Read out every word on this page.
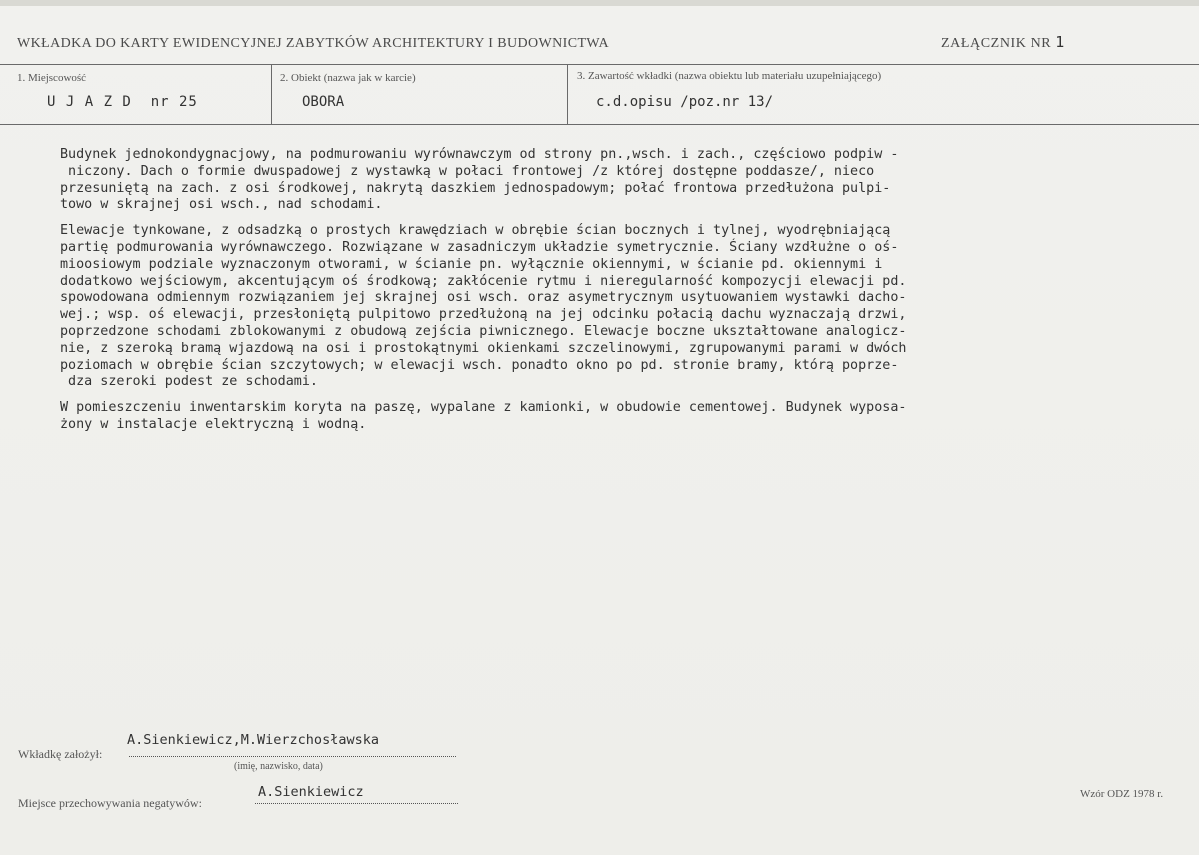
WKŁADKA DO KARTY EWIDENCYJNEJ ZABYTKÓW ARCHITEKTURY I BUDOWNICTWA	ZAŁĄCZNIK NR 1
1. Miejscowość
U J A Z D  nr 25
2. Obiekt (nazwa jak w karcie)
OBORA
3. Zawartość wkładki (nazwa obiektu lub materiału uzupełniającego)
c.d.opisu /poz.nr 13/

Budynek jednokondygnacjowy, na podmurowaniu wyrównawczym od strony pn.,wsch. i zach., częściowo podpiw -
niczony. Dach o formie dwuspadowej z wystawką w połaci frontowej /z której dostępne poddasze/, nieco
przesuniętą na zach. z osi środkowej, nakrytą daszkiem jednospadowym; połać frontowa przedłużona pulpi-
towo w skrajnej osi wsch., nad schodami.

Elewacje tynkowane, z odsadzką o prostych krawędziach w obrębie ścian bocznych i tylnej, wyodrębniającą
partię podmurowania wyrównawczego. Rozwiązane w zasadniczym układzie symetrycznie. Ściany wzdłużne o oś-
mioosiowym podziale wyznaczonym otworami, w ścianie pn. wyłącznie okiennymi, w ścianie pd. okiennymi i
dodatkowo wejściowym, akcentującym oś środkową; zakłócenie rytmu i nieregularność kompozycji elewacji pd.
spowodowana odmiennym rozwiązaniem jej skrajnej osi wsch. oraz asymetrycznym usytuowaniem wystawki dacho-
wej.; wsp. oś elewacji, przesłoniętą pulpitowo przedłużoną na jej odcinku połacią dachu wyznaczają drzwi,
poprzedzone schodami zblokowanymi z obudową zejścia piwnicznego. Elewacje boczne ukształtowane analogicz-
nie, z szeroką bramą wjazdową na osi i prostokątnymi okienkami szczelinowymi, zgrupowanymi parami w dwóch
poziomach w obrębie ścian szczytowych; w elewacji wsch. ponadto okno po pd. stronie bramy, którą poprze-
dza szeroki podest ze schodami.

W pomieszczeniu inwentarskim koryta na paszę, wypalane z kamionki, w obudowie cementowej. Budynek wyposa-
żony w instalacje elektryczną i wodną.

Wkładkę założył:
A.Sienkiewicz,M.Wierzchosławska
(imię, nazwisko, data)
Miejsce przechowywania negatywów:
A.Sienkiewicz	Wzór ODZ 1978 r.
